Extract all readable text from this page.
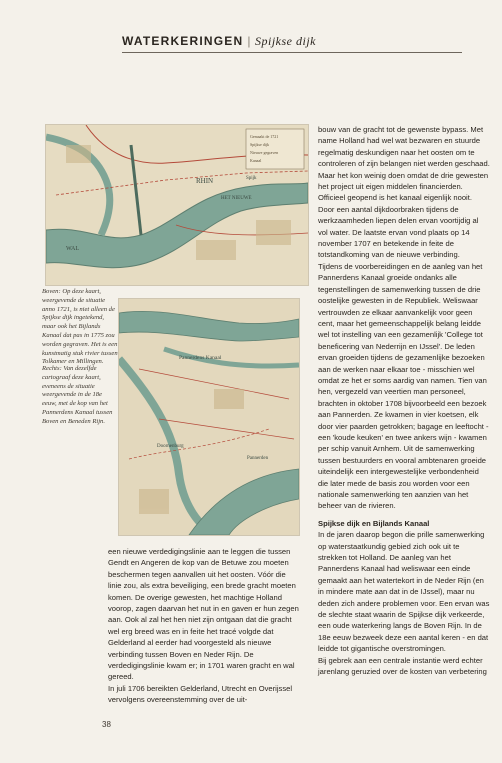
WATERKERINGEN | Spijkse dijk
RHIN
WAL
HET NIEUWE
Spijk
Gemaakt de 1721
Spijkse dijk
Nieuwe gegraven
Kanaal
Pannerdens Kanaal
Doornenburg
Pannerden
Boven: Op deze kaart, weergevende de situatie anno 1721, is niet alleen de Spijkse dijk ingetekend, maar ook het Bijlands Kanaal dat pas in 1775 zou worden gegraven. Het is een kunstmatig stuk rivier tussen Tolkamer en Millingen.
Rechts: Van dezelfde cartograaf deze kaart, eveneens de situatie weergevende in de 18e eeuw, met de kop van het Pannerdens Kanaal tussen Boven en Beneden Rijn.

bouw van de gracht tot de gewenste bypass. Met name Holland had wel wat bezwaren en stuurde regelmatig deskundigen naar het oosten om te controleren of zijn belangen niet werden geschaad. Maar het kon weinig doen omdat de drie gewesten het project uit eigen middelen financierden. Officieel geopend is het kanaal eigenlijk nooit. Door een aantal dijkdoorbraken tijdens de werkzaamheden liepen delen ervan voortijdig al vol water. De laatste ervan vond plaats op 14 november 1707 en betekende in feite de totstandkoming van de nieuwe verbinding.

Tijdens de voorbereidingen en de aanleg van het Pannerdens Kanaal groeide ondanks alle tegenstellingen de samenwerking tussen de drie oostelijke gewesten in de Republiek. Weliswaar vertrouwden ze elkaar aanvankelijk voor geen cent, maar het gemeenschappelijk belang leidde wel tot instelling van een gezamenlijk 'College tot beneficering van Nederrijn en IJssel'. De leden ervan groeiden tijdens de gezamenlijke bezoeken aan de werken naar elkaar toe - misschien wel omdat ze het er soms aardig van namen. Tien van hen, vergezeld van veertien man personeel, brachten in oktober 1708 bijvoorbeeld een bezoek aan Pannerden. Ze kwamen in vier koetsen, elk door vier paarden getrokken; bagage en leeftocht - een 'koude keuken' en twee ankers wijn - kwamen per schip vanuit Arnhem. Uit de samenwerking tussen bestuurders en vooral ambtenaren groeide uiteindelijk een intergewestelijke verbondenheid die later mede de basis zou worden voor een nationale samenwerking ten aanzien van het beheer van de rivieren.

Spijkse dijk en Bijlands Kanaal

In de jaren daarop begon die prille samenwerking op waterstaatkundig gebied zich ook uit te strekken tot Holland. De aanleg van het Pannerdens Kanaal had weliswaar een einde gemaakt aan het watertekort in de Neder Rijn (en in mindere mate aan dat in de IJssel), maar nu deden zich andere problemen voor. Een ervan was de slechte staat waarin de Spijkse dijk verkeerde, een oude waterkering langs de Boven Rijn. In de 18e eeuw bezweek deze een aantal keren - en dat leidde tot gigantische overstromingen.

Bij gebrek aan een centrale instantie werd echter jarenlang geruzied over de kosten van verbetering

een nieuwe verdedigingslinie aan te leggen die tussen Gendt en Angeren de kop van de Betuwe zou moeten beschermen tegen aanvallen uit het oosten. Vóór die linie zou, als extra beveiliging, een brede gracht moeten komen. De overige gewesten, het machtige Holland voorop, zagen daarvan het nut in en gaven er hun zegen aan. Ook al zal het hen niet zijn ontgaan dat die gracht wel erg breed was en in feite het tracé volgde dat Gelderland al eerder had voorgesteld als nieuwe verbinding tussen Boven en Neder Rijn. De verdedigingslinie kwam er; in 1701 waren gracht en wal gereed.

In juli 1706 bereikten Gelderland, Utrecht en Overijssel vervolgens overeenstemming over de uit-

38
